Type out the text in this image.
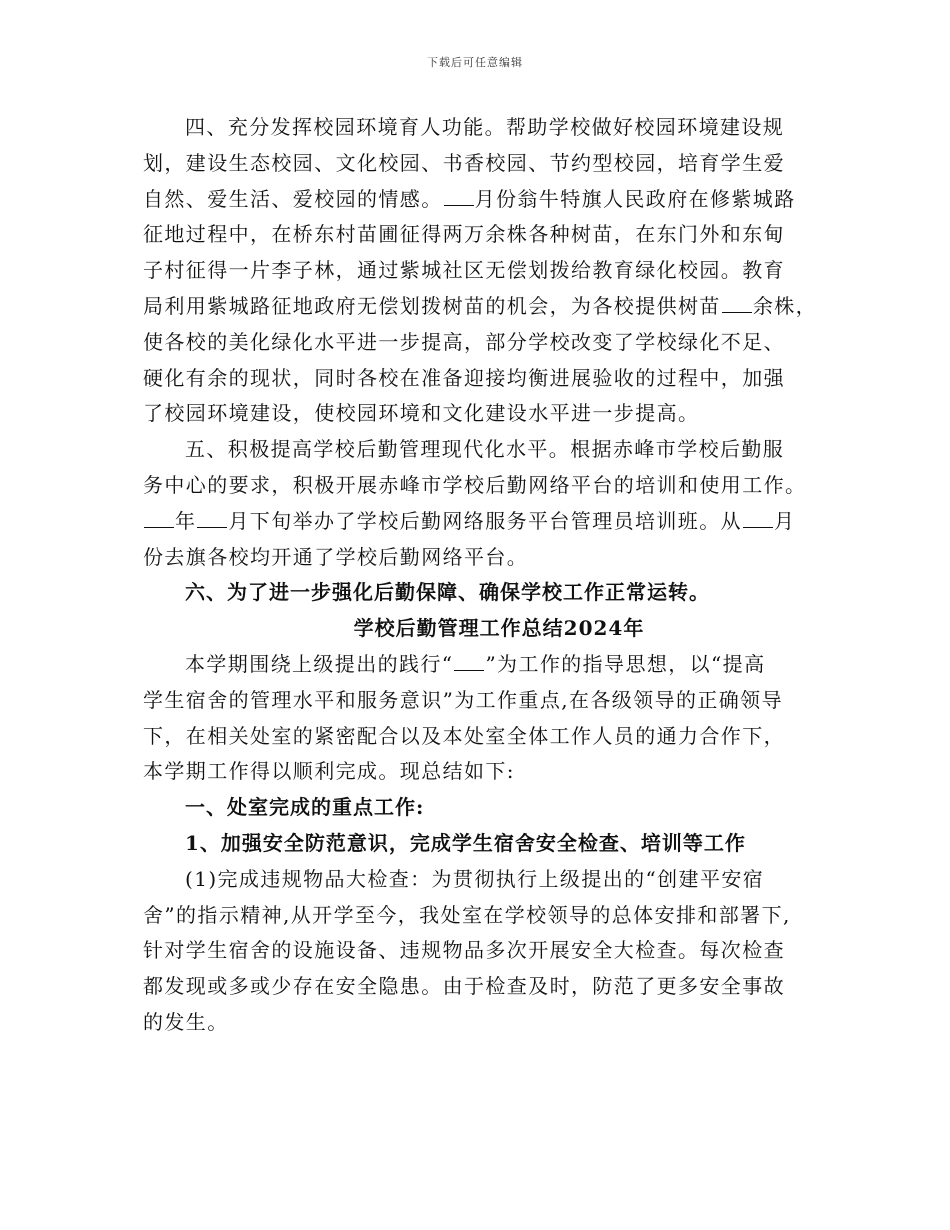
下载后可任意编辑
四、充分发挥校园环境育人功能。帮助学校做好校园环境建设规
划，建设生态校园、文化校园、书香校园、节约型校园，培育学生爱
自然、爱生活、爱校园的情感。 月份翁牛特旗人民政府在修紫城路
征地过程中，在桥东村苗圃征得两万余株各种树苗，在东门外和东甸
子村征得一片李子林，通过紫城社区无偿划拨给教育绿化校园。教育
局利用紫城路征地政府无偿划拨树苗的机会，为各校提供树苗 余株，
使各校的美化绿化水平进一步提高，部分学校改变了学校绿化不足、
硬化有余的现状，同时各校在准备迎接均衡进展验收的过程中，加强
了校园环境建设，使校园环境和文化建设水平进一步提高。
五、积极提高学校后勤管理现代化水平。根据赤峰市学校后勤服
务中心的要求，积极开展赤峰市学校后勤网络平台的培训和使用工作。
年 月下旬举办了学校后勤网络服务平台管理员培训班。从 月
份去旗各校均开通了学校后勤网络平台。
六、为了进一步强化后勤保障、确保学校工作正常运转。
学校后勤管理工作总结2024年
本学期围绕上级提出的践行“ ”为工作的指导思想，以“提高
学生宿舍的管理水平和服务意识”为工作重点,在各级领导的正确领导
下，在相关处室的紧密配合以及本处室全体工作人员的通力合作下，
本学期工作得以顺利完成。现总结如下:
一、处室完成的重点工作:
1、加强安全防范意识，完成学生宿舍安全检查、培训等工作
(1)完成违规物品大检查：为贯彻执行上级提出的“创建平安宿
舍”的指示精神,从开学至今，我处室在学校领导的总体安排和部署下,
针对学生宿舍的设施设备、违规物品多次开展安全大检查。每次检查
都发现或多或少存在安全隐患。由于检查及时，防范了更多安全事故
的发生。
